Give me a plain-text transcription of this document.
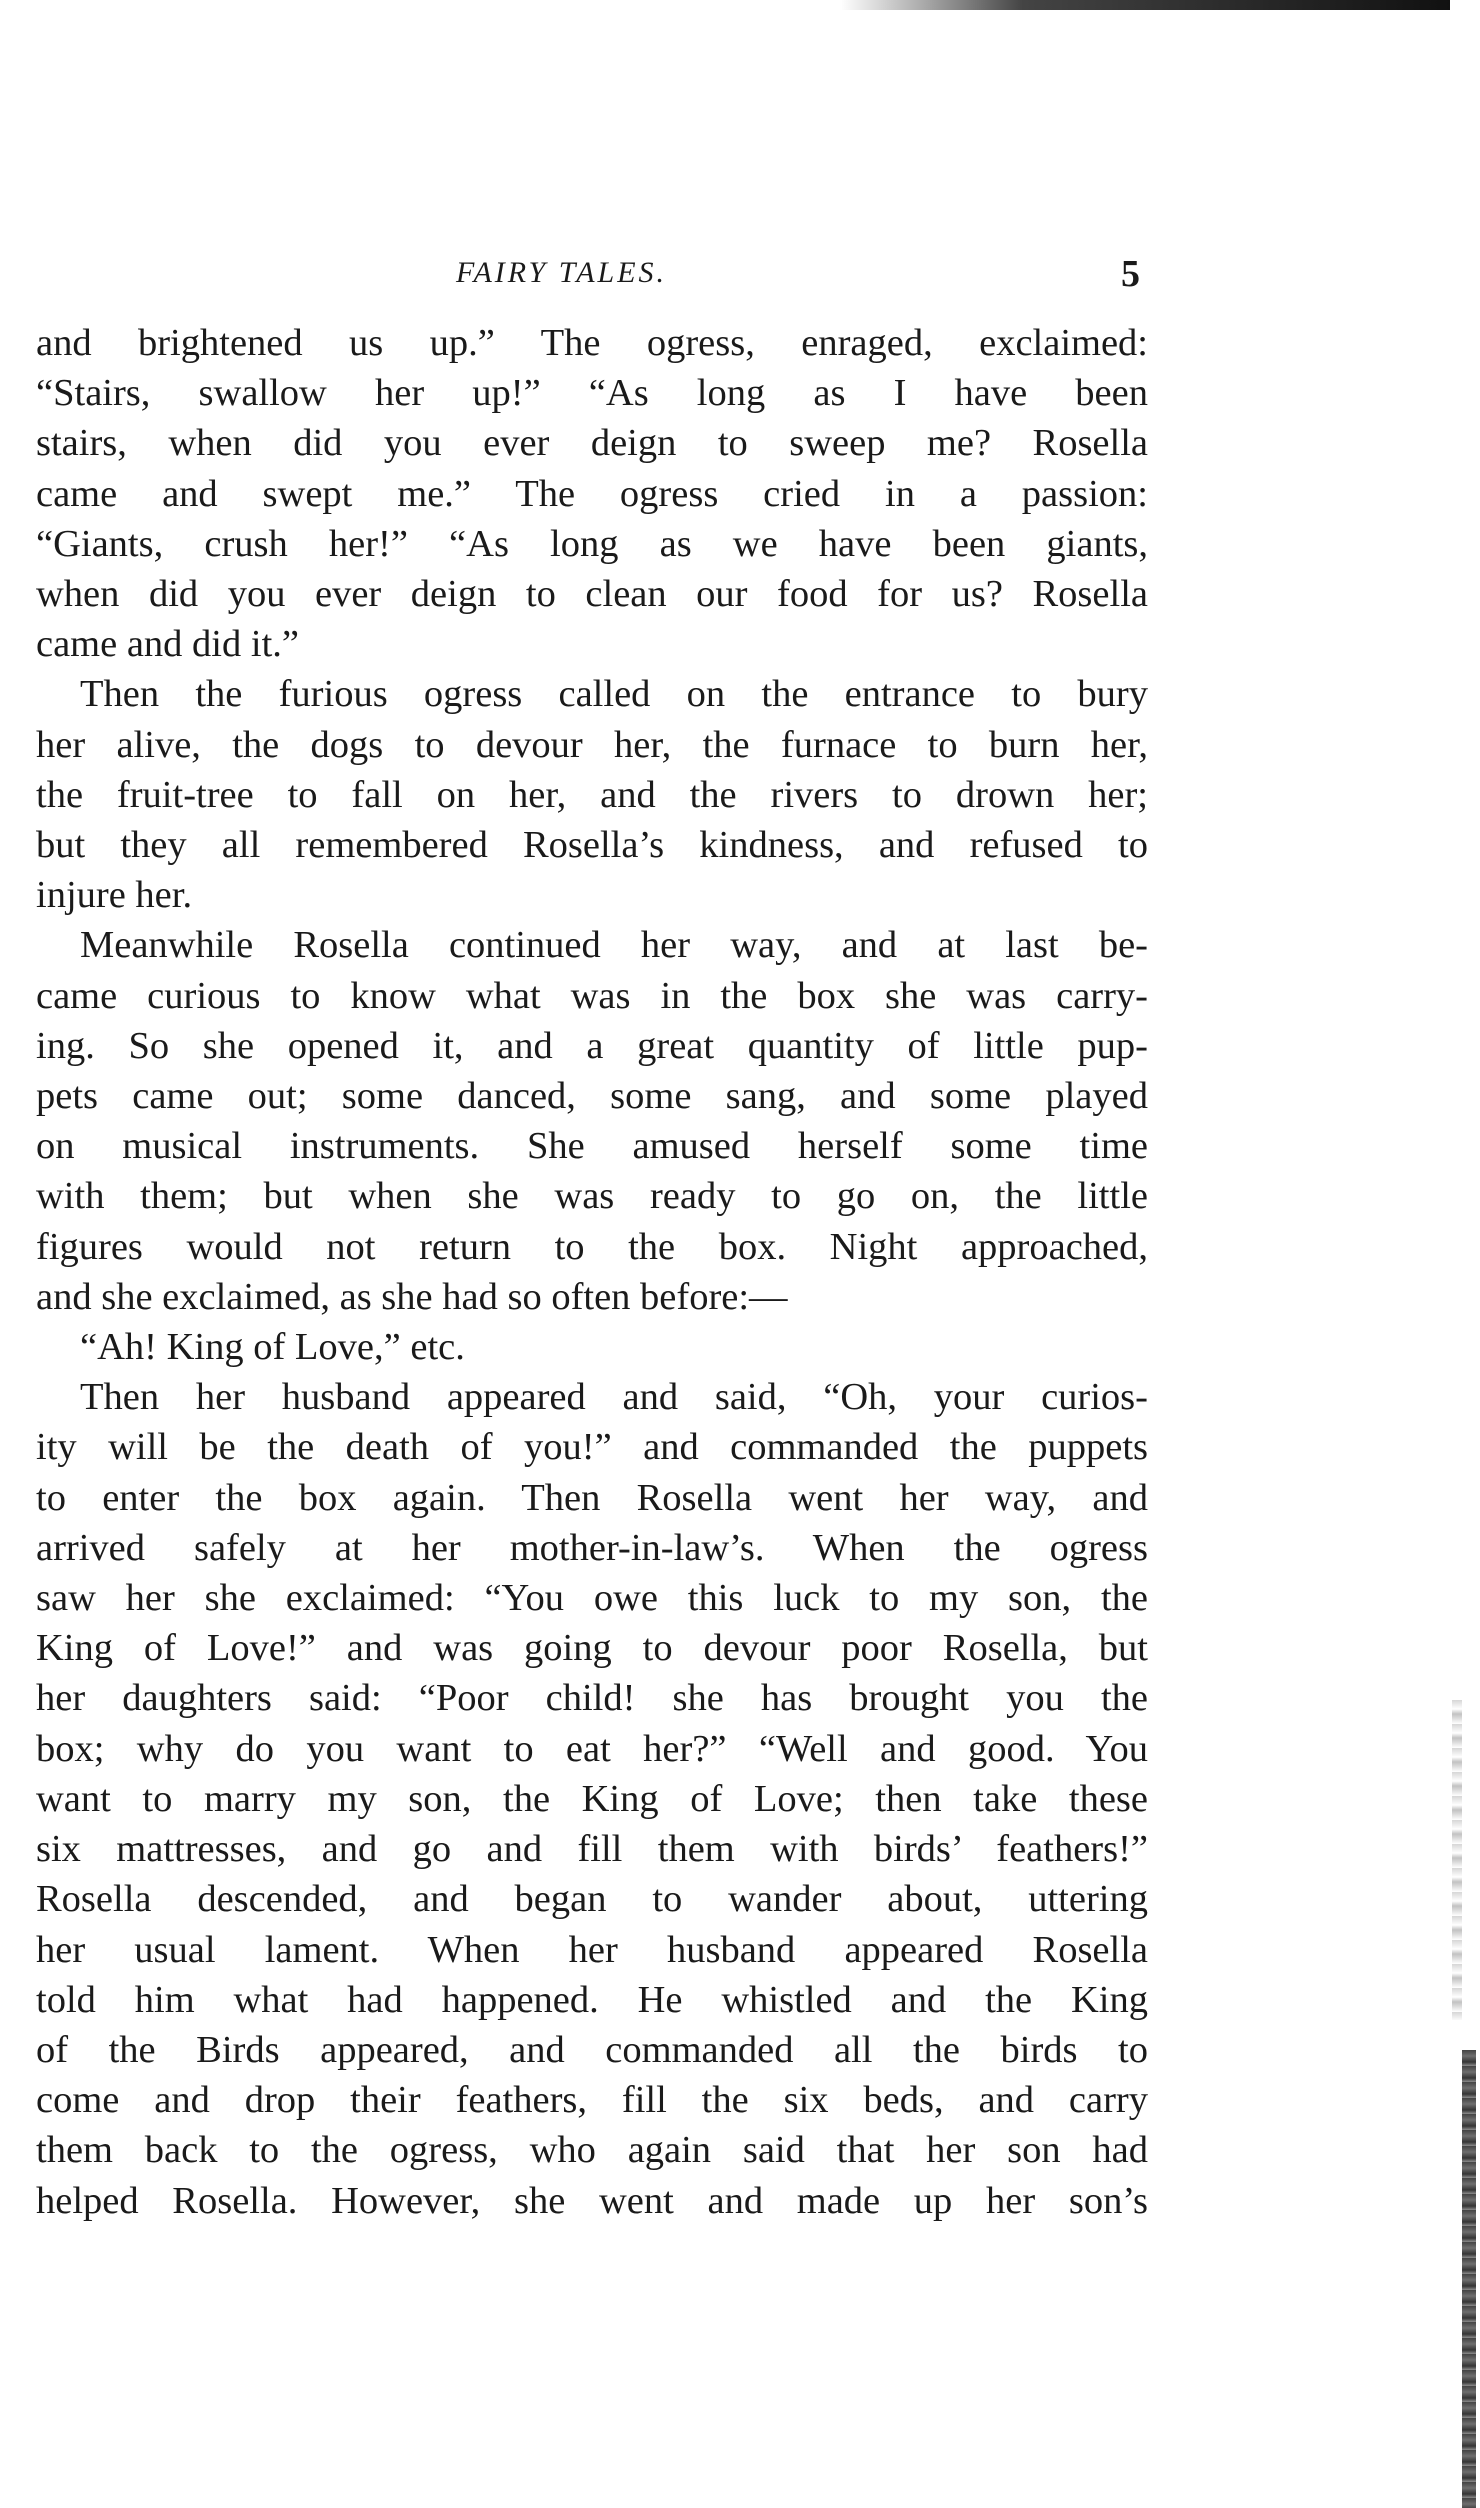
FAIRY TALES.	5
and brightened us up.” The ogress, enraged, exclaimed:
“Stairs, swallow her up!” “As long as I have been
stairs, when did you ever deign to sweep me? Rosella
came and swept me.” The ogress cried in a passion:
“Giants, crush her!” “As long as we have been giants,
when did you ever deign to clean our food for us? Rosella
came and did it.”
Then the furious ogress called on the entrance to bury
her alive, the dogs to devour her, the furnace to burn her,
the fruit-tree to fall on her, and the rivers to drown her;
but they all remembered Rosella’s kindness, and refused to
injure her.
Meanwhile Rosella continued her way, and at last be-
came curious to know what was in the box she was carry-
ing. So she opened it, and a great quantity of little pup-
pets came out; some danced, some sang, and some played
on musical instruments. She amused herself some time
with them; but when she was ready to go on, the little
figures would not return to the box. Night approached,
and she exclaimed, as she had so often before:—
“Ah! King of Love,” etc.
Then her husband appeared and said, “Oh, your curios-
ity will be the death of you!” and commanded the puppets
to enter the box again. Then Rosella went her way, and
arrived safely at her mother-in-law’s. When the ogress
saw her she exclaimed: “You owe this luck to my son, the
King of Love!” and was going to devour poor Rosella, but
her daughters said: “Poor child! she has brought you the
box; why do you want to eat her?” “Well and good. You
want to marry my son, the King of Love; then take these
six mattresses, and go and fill them with birds’ feathers!”
Rosella descended, and began to wander about, uttering
her usual lament. When her husband appeared Rosella
told him what had happened. He whistled and the King
of the Birds appeared, and commanded all the birds to
come and drop their feathers, fill the six beds, and carry
them back to the ogress, who again said that her son had
helped Rosella. However, she went and made up her son’s
